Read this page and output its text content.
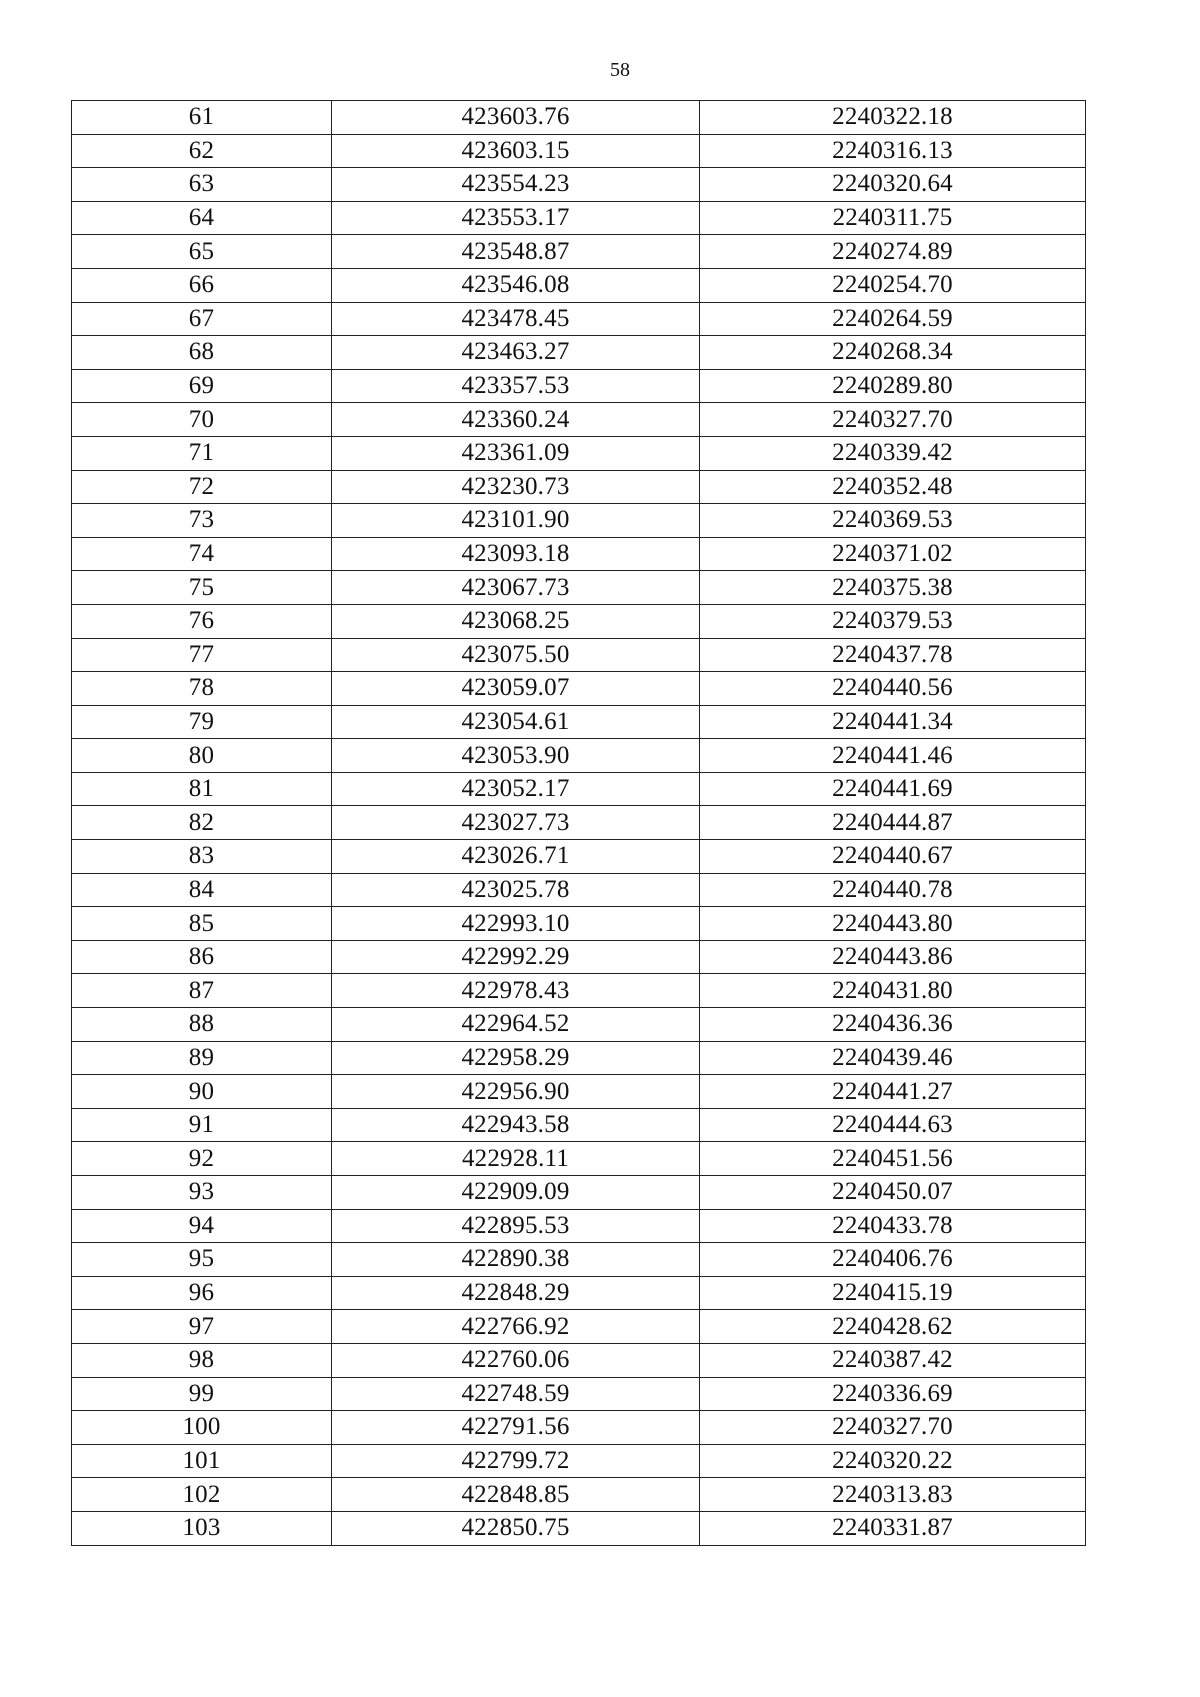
58
61	423603.76	2240322.18
62	423603.15	2240316.13
63	423554.23	2240320.64
64	423553.17	2240311.75
65	423548.87	2240274.89
66	423546.08	2240254.70
67	423478.45	2240264.59
68	423463.27	2240268.34
69	423357.53	2240289.80
70	423360.24	2240327.70
71	423361.09	2240339.42
72	423230.73	2240352.48
73	423101.90	2240369.53
74	423093.18	2240371.02
75	423067.73	2240375.38
76	423068.25	2240379.53
77	423075.50	2240437.78
78	423059.07	2240440.56
79	423054.61	2240441.34
80	423053.90	2240441.46
81	423052.17	2240441.69
82	423027.73	2240444.87
83	423026.71	2240440.67
84	423025.78	2240440.78
85	422993.10	2240443.80
86	422992.29	2240443.86
87	422978.43	2240431.80
88	422964.52	2240436.36
89	422958.29	2240439.46
90	422956.90	2240441.27
91	422943.58	2240444.63
92	422928.11	2240451.56
93	422909.09	2240450.07
94	422895.53	2240433.78
95	422890.38	2240406.76
96	422848.29	2240415.19
97	422766.92	2240428.62
98	422760.06	2240387.42
99	422748.59	2240336.69
100	422791.56	2240327.70
101	422799.72	2240320.22
102	422848.85	2240313.83
103	422850.75	2240331.87
